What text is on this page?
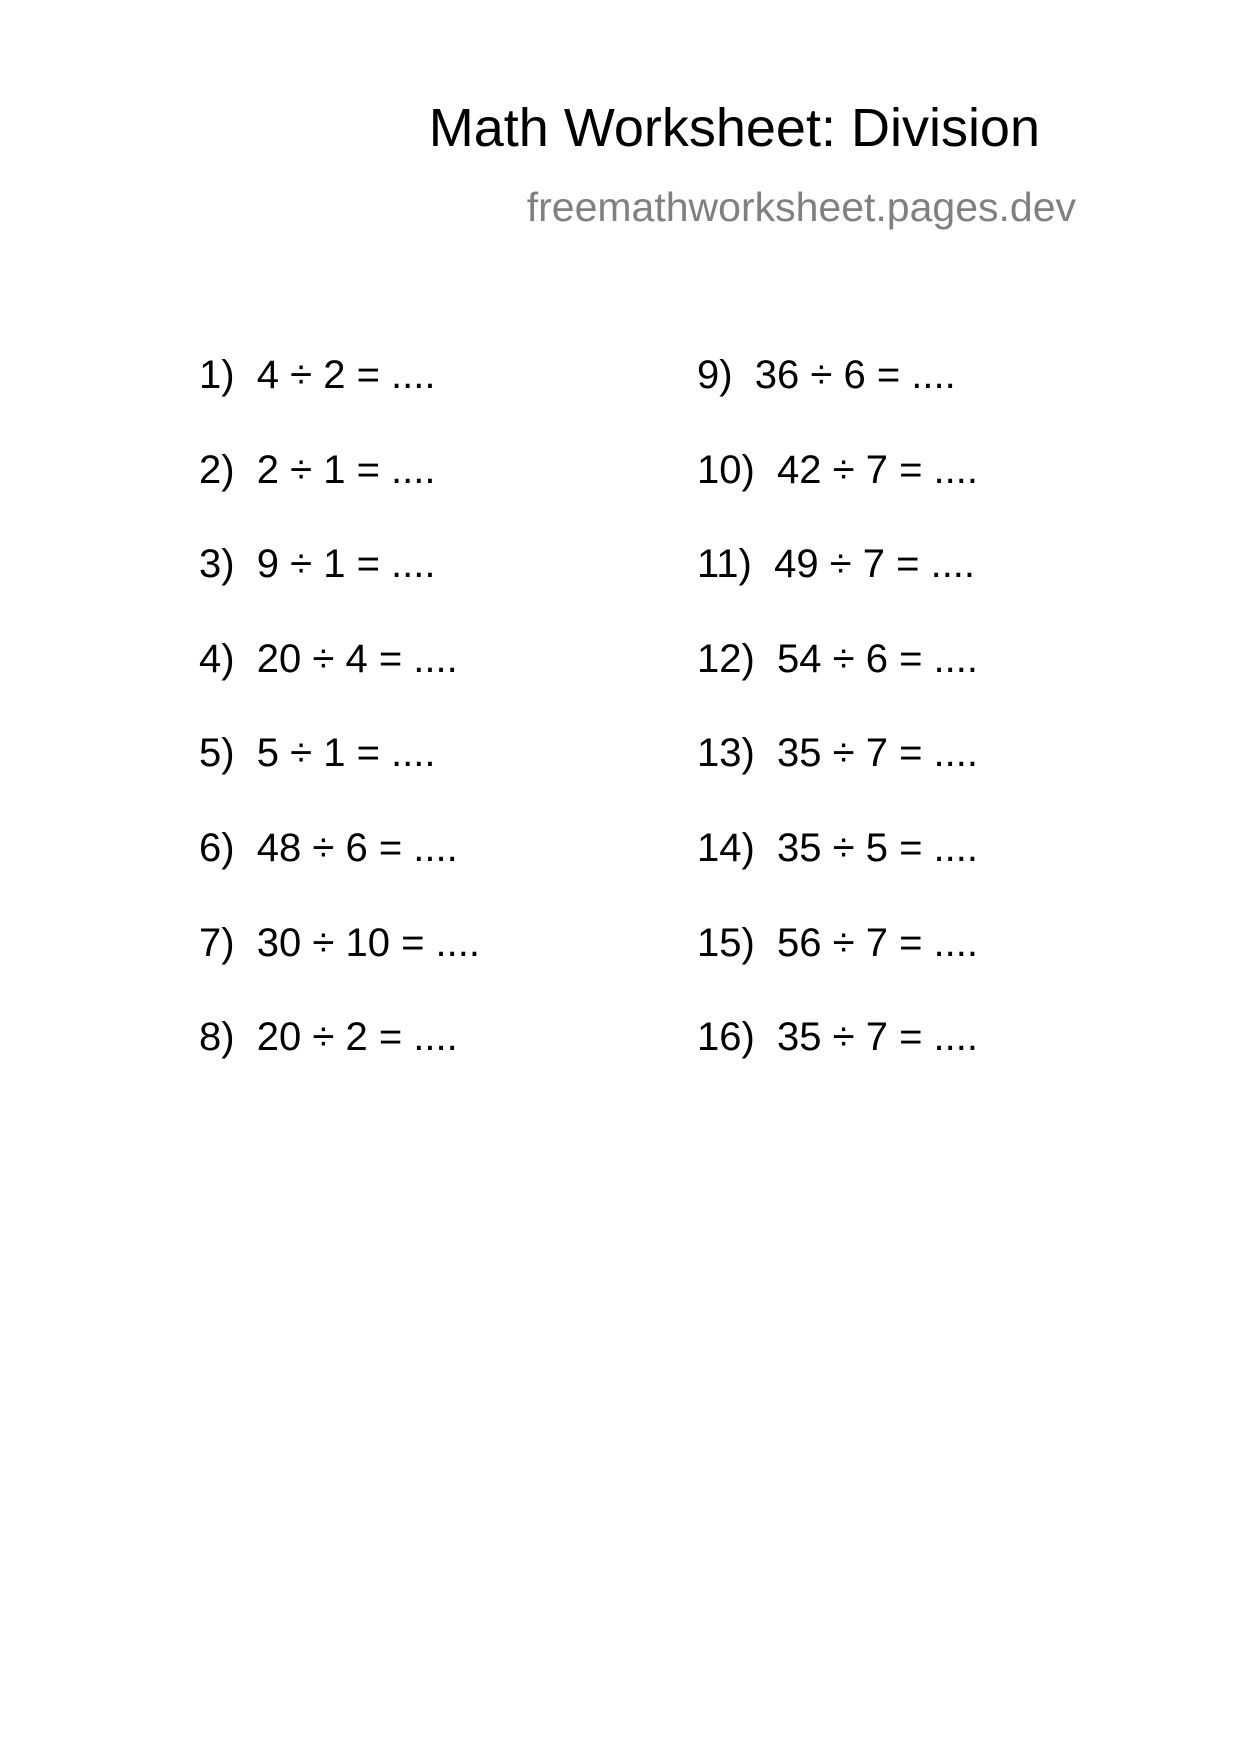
Math Worksheet: Division
freemathworksheet.pages.dev
1)  4 ÷ 2 = ....
2)  2 ÷ 1 = ....
3)  9 ÷ 1 = ....
4)  20 ÷ 4 = ....
5)  5 ÷ 1 = ....
6)  48 ÷ 6 = ....
7)  30 ÷ 10 = ....
8)  20 ÷ 2 = ....
9)  36 ÷ 6 = ....
10)  42 ÷ 7 = ....
11)  49 ÷ 7 = ....
12)  54 ÷ 6 = ....
13)  35 ÷ 7 = ....
14)  35 ÷ 5 = ....
15)  56 ÷ 7 = ....
16)  35 ÷ 7 = ....
